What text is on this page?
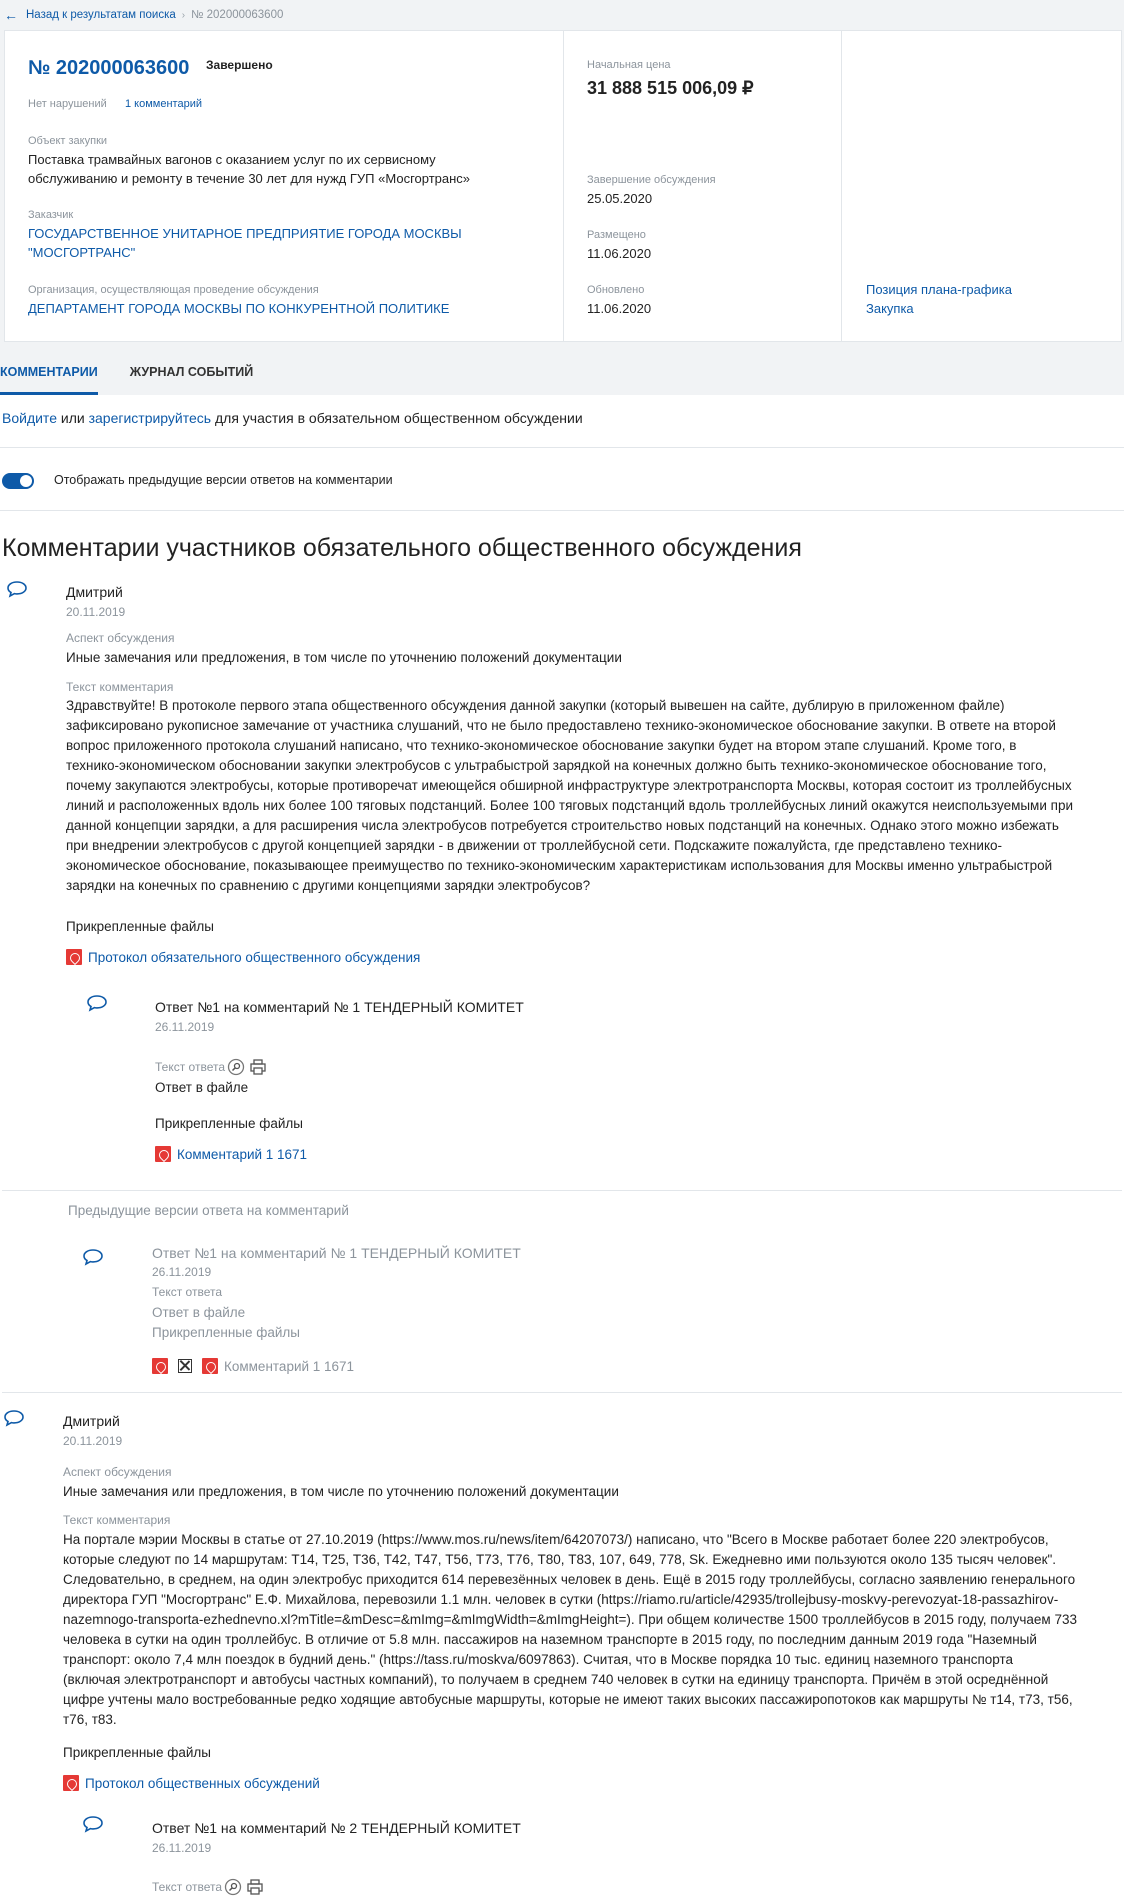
← Назад к результатам поиска › № 202000063600
№ 202000063600 Завершено
Нет нарушений 1 комментарий
Объект закупки
Поставка трамвайных вагонов с оказанием услуг по их сервисному
обслуживанию и ремонту в течение 30 лет для нужд ГУП «Мосгортранс»
Заказчик
ГОСУДАРСТВЕННОЕ УНИТАРНОЕ ПРЕДПРИЯТИЕ ГОРОДА МОСКВЫ
"МОСГОРТРАНС"
Организация, осуществляющая проведение обсуждения
ДЕПАРТАМЕНТ ГОРОДА МОСКВЫ ПО КОНКУРЕНТНОЙ ПОЛИТИКЕ
Начальная цена
31 888 515 006,09 ₽
Завершение обсуждения
25.05.2020
Размещено
11.06.2020
Обновлено
11.06.2020
Позиция плана-графика
Закупка
КОММЕНТАРИИ	ЖУРНАЛ СОБЫТИЙ
Войдите или зарегистрируйтесь для участия в обязательном общественном обсуждении
Отображать предыдущие версии ответов на комментарии
Комментарии участников обязательного общественного обсуждения
Дмитрий
20.11.2019
Аспект обсуждения
Иные замечания или предложения, в том числе по уточнению положений документации
Текст комментария
Здравствуйте! В протоколе первого этапа общественного обсуждения данной закупки (который вывешен на сайте, дублирую в приложенном файле)
зафиксировано рукописное замечание от участника слушаний, что не было предоставлено технико-экономическое обоснование закупки. В ответе на второй
вопрос приложенного протокола слушаний написано, что технико-экономическое обоснование закупки будет на втором этапе слушаний. Кроме того, в
технико-экономическом обосновании закупки электробусов с ультрабыстрой зарядкой на конечных должно быть технико-экономическое обоснование того,
почему закупаются электробусы, которые противоречат имеющейся обширной инфраструктуре электротранспорта Москвы, которая состоит из троллейбусных
линий и расположенных вдоль них более 100 тяговых подстанций. Более 100 тяговых подстанций вдоль троллейбусных линий окажутся неиспользуемыми при
данной концепции зарядки, а для расширения числа электробусов потребуется строительство новых подстанций на конечных. Однако этого можно избежать
при внедрении электробусов с другой концепцией зарядки - в движении от троллейбусной сети. Подскажите пожалуйста, где представлено технико-
экономическое обоснование, показывающее преимущество по технико-экономическим характеристикам использования для Москвы именно ультрабыстрой
зарядки на конечных по сравнению с другими концепциями зарядки электробусов?
Прикрепленные файлы
Протокол обязательного общественного обсуждения
Ответ №1 на комментарий № 1 ТЕНДЕРНЫЙ КОМИТЕТ
26.11.2019
Текст ответа
Ответ в файле
Прикрепленные файлы
Комментарий 1 1671
Предыдущие версии ответа на комментарий
Ответ №1 на комментарий № 1 ТЕНДЕРНЫЙ КОМИТЕТ
26.11.2019
Текст ответа
Ответ в файле
Прикрепленные файлы
Комментарий 1 1671
Дмитрий
20.11.2019
Аспект обсуждения
Иные замечания или предложения, в том числе по уточнению положений документации
Текст комментария
На портале мэрии Москвы в статье от 27.10.2019 (https://www.mos.ru/news/item/64207073/) написано, что "Всего в Москве работает более 220 электробусов,
которые следуют по 14 маршрутам: Т14, Т25, Т36, Т42, Т47, Т56, Т73, Т76, Т80, Т83, 107, 649, 778, Sk. Ежедневно ими пользуются около 135 тысяч человек".
Следовательно, в среднем, на один электробус приходится 614 перевезённых человек в день. Ещё в 2015 году троллейбусы, согласно заявлению генерального
директора ГУП "Мосгортранс" Е.Ф. Михайлова, перевозили 1.1 млн. человек в сутки (https://riamo.ru/article/42935/trollejbusy-moskvy-perevozyat-18-passazhirov-
nazemnogo-transporta-ezhednevno.xl?mTitle=&mDesc=&mImg=&mImgWidth=&mImgHeight=). При общем количестве 1500 троллейбусов в 2015 году, получаем 733
человека в сутки на один троллейбус. В отличие от 5.8 млн. пассажиров на наземном транспорте в 2015 году, по последним данным 2019 года "Наземный
транспорт: около 7,4 млн поездок в будний день." (https://tass.ru/moskva/6097863). Считая, что в Москве порядка 10 тыс. единиц наземного транспорта
(включая электротранспорт и автобусы частных компаний), то получаем в среднем 740 человек в сутки на единицу транспорта. Причём в этой осреднённой
цифре учтены мало востребованные редко ходящие автобусные маршруты, которые не имеют таких высоких пассажиропотоков как маршруты № т14, т73, т56,
т76, т83.
Прикрепленные файлы
Протокол общественных обсуждений
Ответ №1 на комментарий № 2 ТЕНДЕРНЫЙ КОМИТЕТ
26.11.2019
Текст ответа
